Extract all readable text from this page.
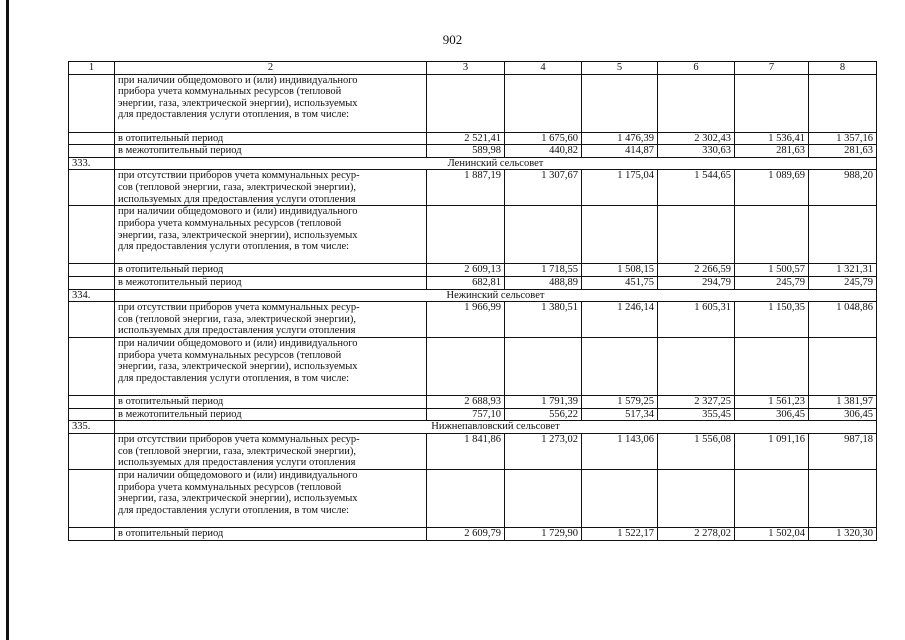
902
1	2	3	4	5	6	7	8
	при наличии общедомового и (или) индивидуального
прибора учета коммунальных ресурсов (тепловой
энергии, газа, электрической энергии), используемых
для предоставления услуги отопления, в том числе:						
	в отопительный период	2 521,41	1 675,60	1 476,39	2 302,43	1 536,41	1 357,16
	в межотопительный период	589,98	440,82	414,87	330,63	281,63	281,63
333.	Ленинский сельсовет						
	при отсутствии приборов учета коммунальных ресур-
сов (тепловой энергии, газа, электрической энергии),
используемых для предоставления услуги отопления	1 887,19	1 307,67	1 175,04	1 544,65	1 089,69	988,20
	при наличии общедомового и (или) индивидуального
прибора учета коммунальных ресурсов (тепловой
энергии, газа, электрической энергии), используемых
для предоставления услуги отопления, в том числе:						
	в отопительный период	2 609,13	1 718,55	1 508,15	2 266,59	1 500,57	1 321,31
	в межотопительный период	682,81	488,89	451,75	294,79	245,79	245,79
334.	Нежинский сельсовет						
	при отсутствии приборов учета коммунальных ресур-
сов (тепловой энергии, газа, электрической энергии),
используемых для предоставления услуги отопления	1 966,99	1 380,51	1 246,14	1 605,31	1 150,35	1 048,86
	при наличии общедомового и (или) индивидуального
прибора учета коммунальных ресурсов (тепловой
энергии, газа, электрической энергии), используемых
для предоставления услуги отопления, в том числе:						
	в отопительный период	2 688,93	1 791,39	1 579,25	2 327,25	1 561,23	1 381,97
	в межотопительный период	757,10	556,22	517,34	355,45	306,45	306,45
335.	Нижнепавловский сельсовет						
	при отсутствии приборов учета коммунальных ресур-
сов (тепловой энергии, газа, электрической энергии),
используемых для предоставления услуги отопления	1 841,86	1 273,02	1 143,06	1 556,08	1 091,16	987,18
	при наличии общедомового и (или) индивидуального
прибора учета коммунальных ресурсов (тепловой
энергии, газа, электрической энергии), используемых
для предоставления услуги отопления, в том числе:						
	в отопительный период	2 609,79	1 729,90	1 522,17	2 278,02	1 502,04	1 320,30
